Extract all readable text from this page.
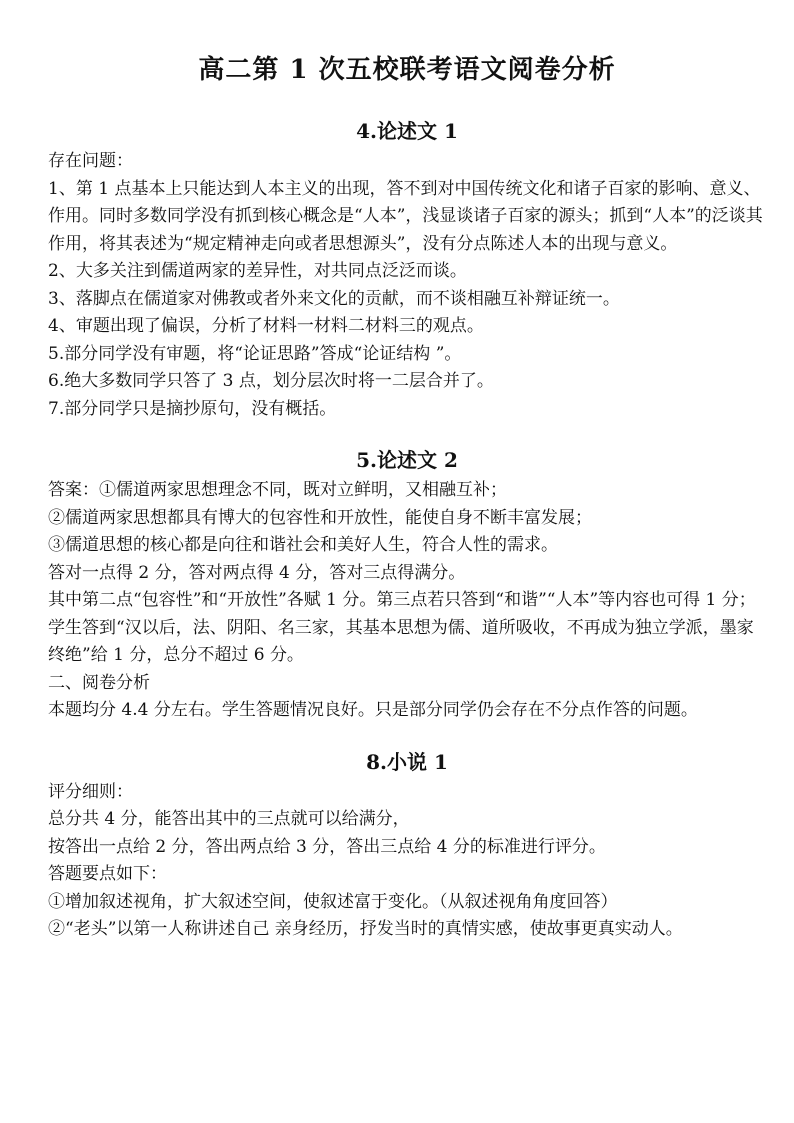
高二第 1 次五校联考语文阅卷分析
4.论述文 1

存在问题：

1、第 1 点基本上只能达到人本主义的出现，答不到对中国传统文化和诸子百家的影响、意义、作用。同时多数同学没有抓到核心概念是“人本”，浅显谈诸子百家的源头；抓到“人本”的泛谈其作用，将其表述为“规定精神走向或者思想源头”，没有分点陈述人本的出现与意义。

2、大多关注到儒道两家的差异性，对共同点泛泛而谈。

3、落脚点在儒道家对佛教或者外来文化的贡献，而不谈相融互补辩证统一。

4、审题出现了偏误，分析了材料一材料二材料三的观点。

5.部分同学没有审题，将“论证思路”答成“论证结构 ”。

6.绝大多数同学只答了 3 点，划分层次时将一二层合并了。

7.部分同学只是摘抄原句，没有概括。

5.论述文 2

答案：①儒道两家思想理念不同，既对立鲜明，又相融互补；

②儒道两家思想都具有博大的包容性和开放性，能使自身不断丰富发展；

③儒道思想的核心都是向往和谐社会和美好人生，符合人性的需求。

答对一点得 2 分，答对两点得 4 分，答对三点得满分。

其中第二点“包容性”和“开放性”各赋 1 分。第三点若只答到“和谐”“人本”等内容也可得 1 分；学生答到“汉以后，法、阴阳、名三家，其基本思想为儒、道所吸收，不再成为独立学派，墨家终绝”给 1 分，总分不超过 6 分。

二、阅卷分析

本题均分 4.4 分左右。学生答题情况良好。只是部分同学仍会存在不分点作答的问题。

8.小说 1

评分细则：

总分共 4 分，能答出其中的三点就可以给满分，

按答出一点给 2 分，答出两点给 3 分，答出三点给 4 分的标准进行评分。

答题要点如下：

①增加叙述视角，扩大叙述空间，使叙述富于变化。（从叙述视角角度回答）

②“老头”以第一人称讲述自己 亲身经历，抒发当时的真情实感，使故事更真实动人。
